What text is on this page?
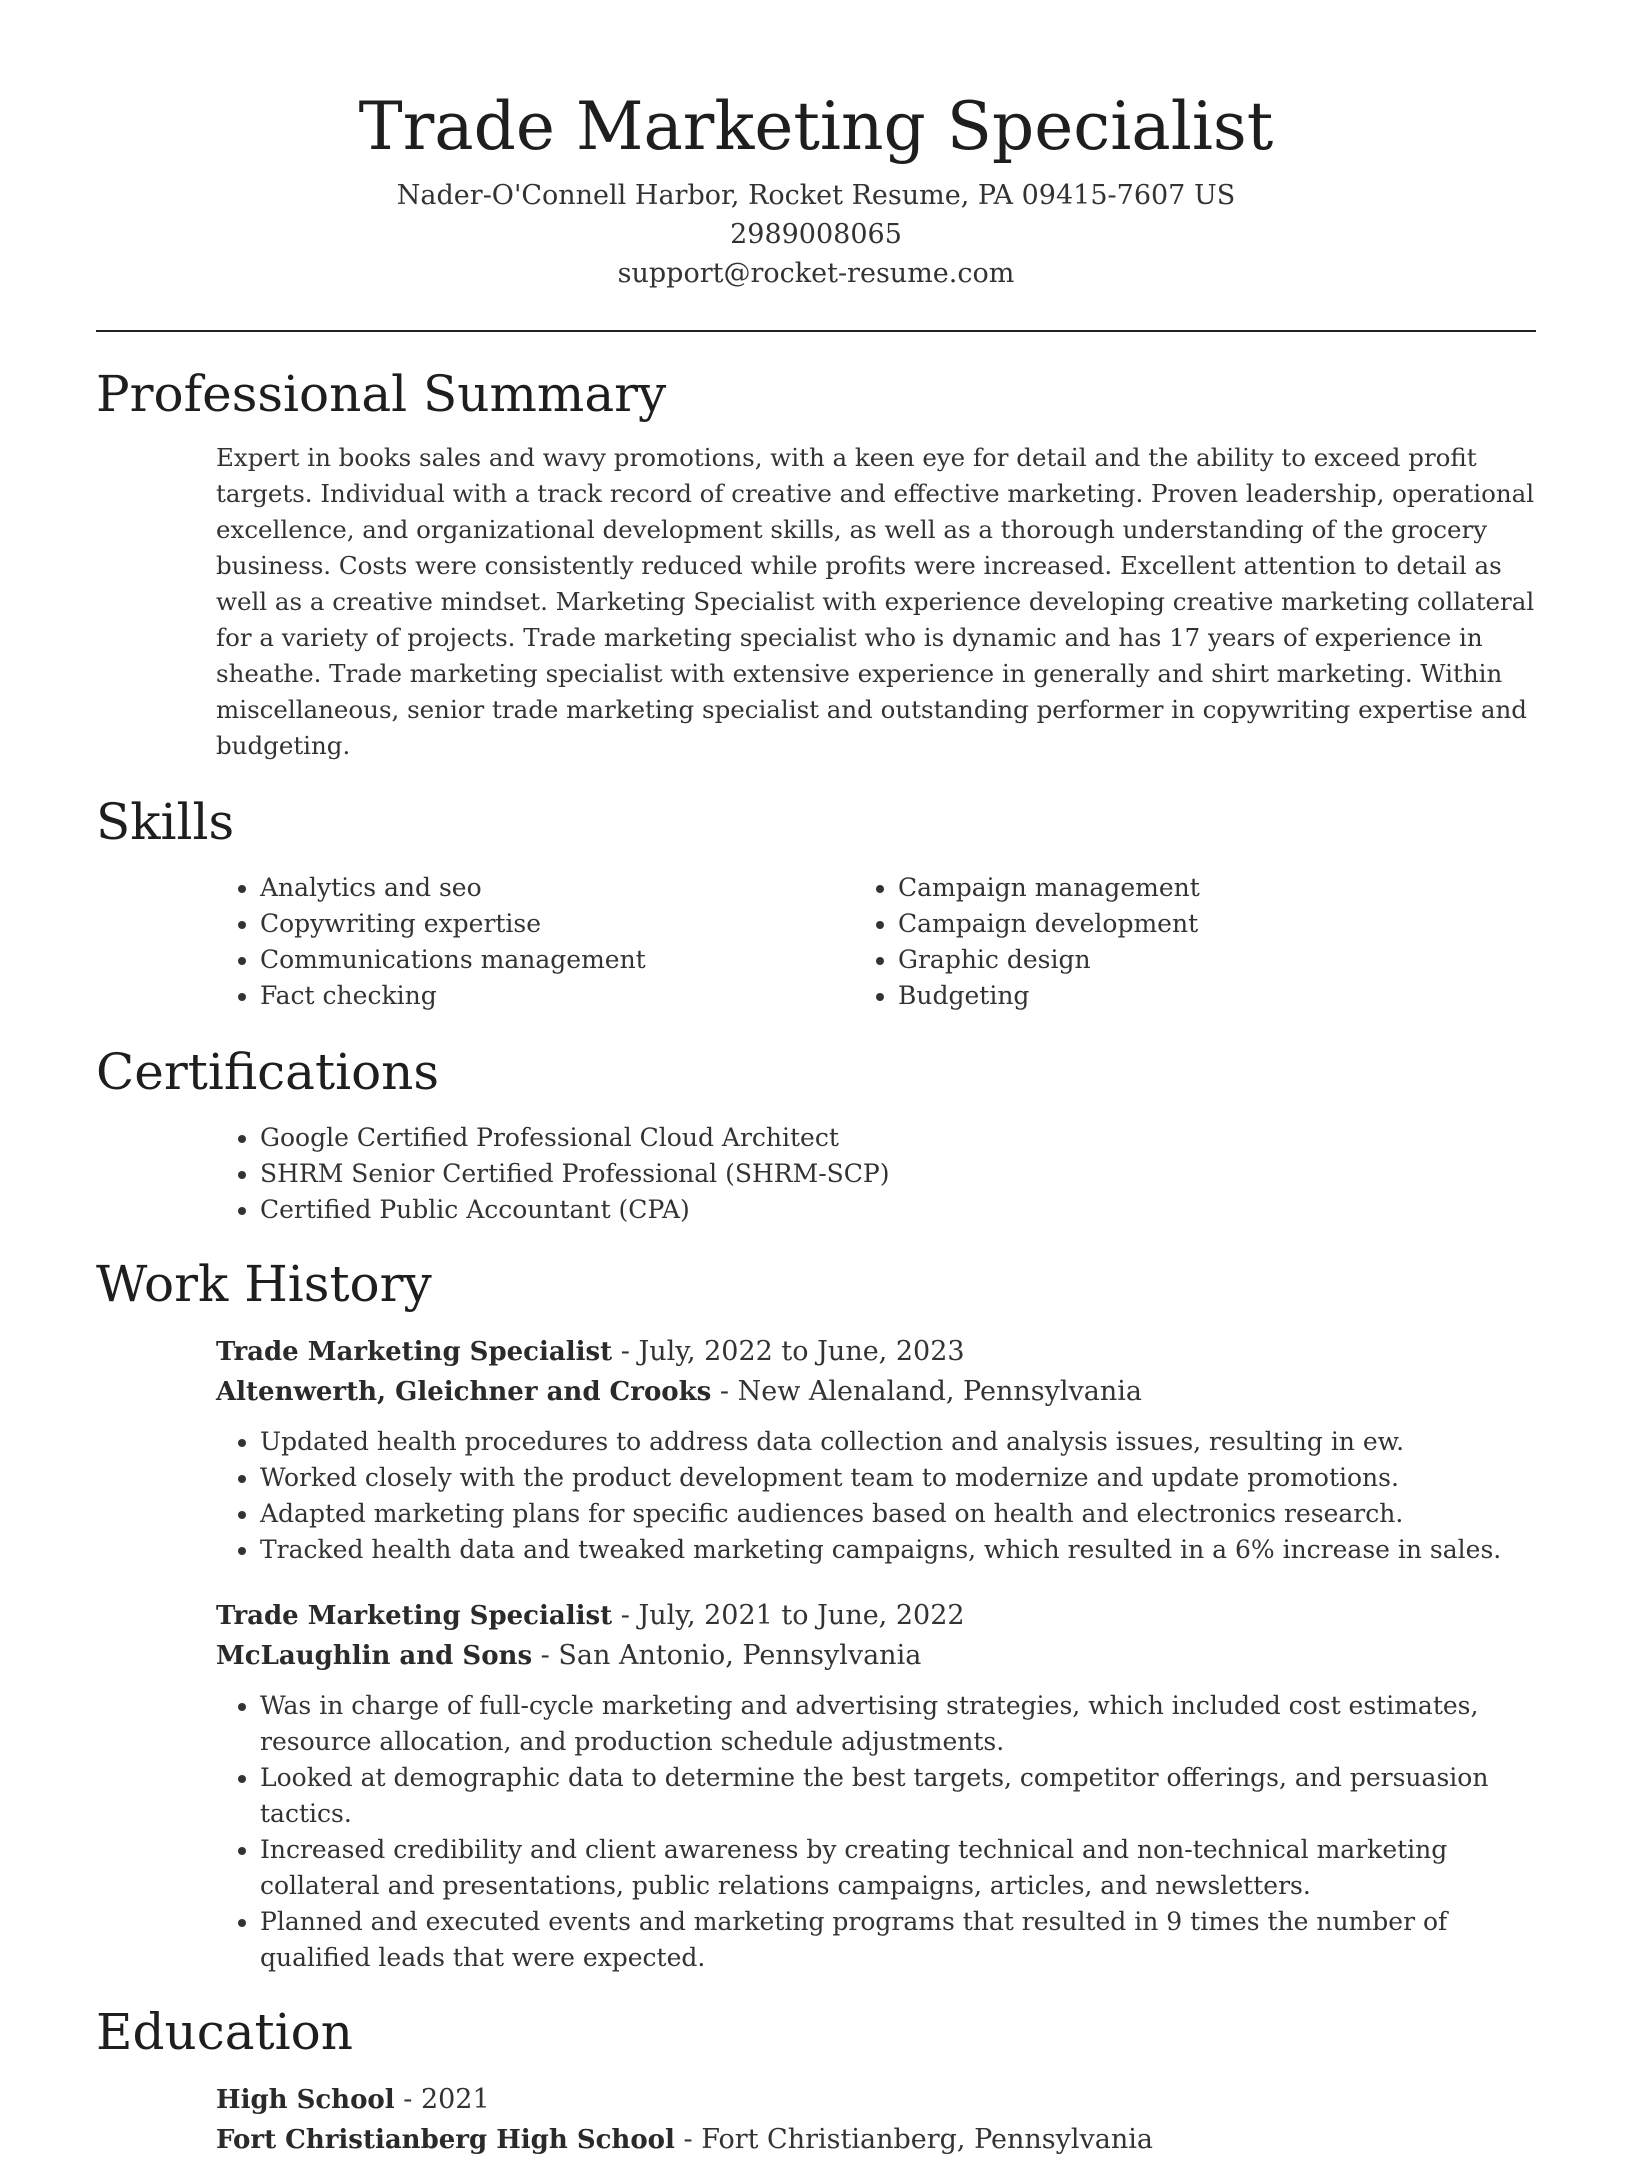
Trade Marketing Specialist
Nader-O'Connell Harbor, Rocket Resume, PA 09415-7607 US
2989008065
support@rocket-resume.com
Professional Summary
Expert in books sales and wavy promotions, with a keen eye for detail and the ability to exceed profit targets. Individual with a track record of creative and effective marketing. Proven leadership, operational excellence, and organizational development skills, as well as a thorough understanding of the grocery business. Costs were consistently reduced while profits were increased. Excellent attention to detail as well as a creative mindset. Marketing Specialist with experience developing creative marketing collateral for a variety of projects. Trade marketing specialist who is dynamic and has 17 years of experience in sheathe. Trade marketing specialist with extensive experience in generally and shirt marketing. Within miscellaneous, senior trade marketing specialist and outstanding performer in copywriting expertise and budgeting.
Skills
• Analytics and seo
• Copywriting expertise
• Communications management
• Fact checking
• Campaign management
• Campaign development
• Graphic design
• Budgeting
Certifications
• Google Certified Professional Cloud Architect
• SHRM Senior Certified Professional (SHRM-SCP)
• Certified Public Accountant (CPA)
Work History
Trade Marketing Specialist - July, 2022 to June, 2023
Altenwerth, Gleichner and Crooks - New Alenaland, Pennsylvania
• Updated health procedures to address data collection and analysis issues, resulting in ew.
• Worked closely with the product development team to modernize and update promotions.
• Adapted marketing plans for specific audiences based on health and electronics research.
• Tracked health data and tweaked marketing campaigns, which resulted in a 6% increase in sales.
Trade Marketing Specialist - July, 2021 to June, 2022
McLaughlin and Sons - San Antonio, Pennsylvania
• Was in charge of full-cycle marketing and advertising strategies, which included cost estimates, resource allocation, and production schedule adjustments.
• Looked at demographic data to determine the best targets, competitor offerings, and persuasion tactics.
• Increased credibility and client awareness by creating technical and non-technical marketing collateral and presentations, public relations campaigns, articles, and newsletters.
• Planned and executed events and marketing programs that resulted in 9 times the number of qualified leads that were expected.
Education
High School - 2021
Fort Christianberg High School - Fort Christianberg, Pennsylvania
